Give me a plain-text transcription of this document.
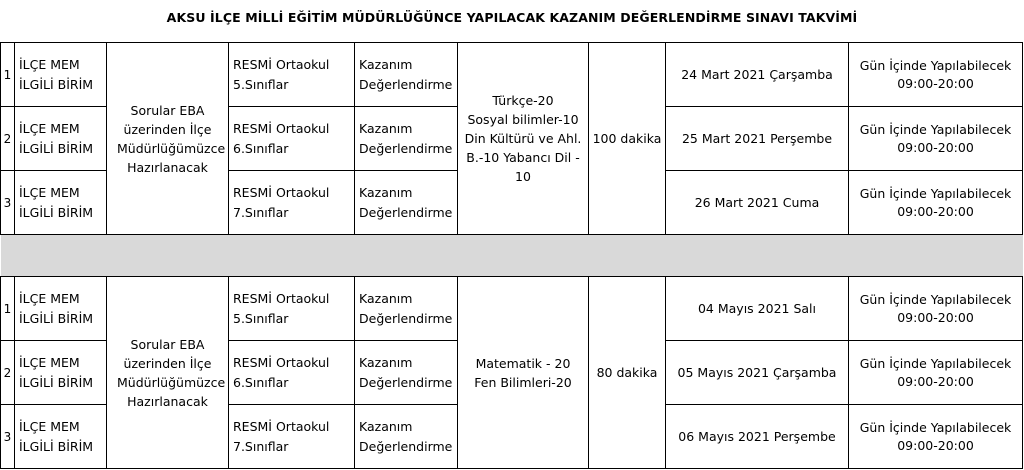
AKSU İLÇE MİLLİ EĞİTİM MÜDÜRLÜĞÜNCE YAPILACAK KAZANIM DEĞERLENDİRME SINAVI TAKVİMİ
1	İLÇE MEM
İLGİLİ BİRİM	Sorular EBA üzerinden İlçe Müdürlüğümüzce Hazırlanacak	RESMİ Ortaokul
5.Sınıflar	Kazanım
Değerlendirme	Türkçe-20
Sosyal bilimler-10
Din Kültürü ve Ahl.
B.-10 Yabancı Dil -
10	100 dakika	24 Mart 2021 Çarşamba	Gün İçinde Yapılabilecek
09:00-20:00

2	İLÇE MEM
İLGİLİ BİRİM		RESMİ Ortaokul
6.Sınıflar	Kazanım
Değerlendirme			25 Mart 2021 Perşembe	Gün İçinde Yapılabilecek
09:00-20:00

3	İLÇE MEM
İLGİLİ BİRİM		RESMİ Ortaokul
7.Sınıflar	Kazanım
Değerlendirme			26 Mart 2021 Cuma	Gün İçinde Yapılabilecek
09:00-20:00

1	İLÇE MEM
İLGİLİ BİRİM	Sorular EBA üzerinden İlçe Müdürlüğümüzce Hazırlanacak	RESMİ Ortaokul
5.Sınıflar	Kazanım
Değerlendirme	Matematik - 20
Fen Bilimleri-20	80 dakika	04 Mayıs 2021 Salı	Gün İçinde Yapılabilecek
09:00-20:00

2	İLÇE MEM
İLGİLİ BİRİM		RESMİ Ortaokul
6.Sınıflar	Kazanım
Değerlendirme			05 Mayıs 2021 Çarşamba	Gün İçinde Yapılabilecek
09:00-20:00

3	İLÇE MEM
İLGİLİ BİRİM		RESMİ Ortaokul
7.Sınıflar	Kazanım
Değerlendirme			06 Mayıs 2021 Perşembe	Gün İçinde Yapılabilecek
09:00-20:00
